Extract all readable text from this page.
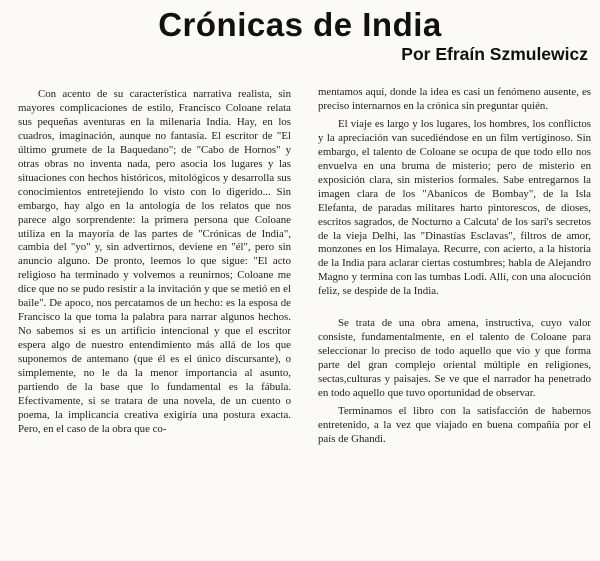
Crónicas de India
Por Efraín Szmulewicz

Con acento de su característica narrativa realista, sin mayores complicaciones de estilo, Francisco Coloane relata sus pequeñas aventuras en la milenaria India. Hay, en los cuadros, imaginación, aunque no fantasía. El escritor de "El último grumete de la Baquedano"; de "Cabo de Hornos" y otras obras no inventa nada, pero asocia los lugares y las situaciones con hechos históricos, mitológicos y desarrolla sus conocimientos entretejiendo lo visto con lo digerido... Sin embargo, hay algo en la antología de los relatos que nos parece algo sorprendente: la primera persona que Coloane utiliza en la mayoría de las partes de "Crónicas de India", cambia del "yo" y, sin advertirnos, deviene en "él", pero sin anuncio alguno. De pronto, leemos lo que sigue: "El acto religioso ha terminado y volvemos a reunirnos; Coloane me dice que no se pudo resistir a la invitación y que se metió en el baile". De apoco, nos percatamos de un hecho: es la esposa de Francisco la que toma la palabra para narrar algunos hechos. No sabemos si es un artificio intencional y que el escritor espera algo de nuestro entendimiento más allá de los que suponemos de antemano (que él es el único discursante), o simplemente, no le da la menor importancia al asunto, partiendo de la base que lo fundamental es la fábula. Efectivamente, si se tratara de una novela, de un cuento o poema, la implicancia creativa exigiría una postura exacta. Pero, en el caso de la obra que co-

mentamos aquí, donde la idea es casi un fenómeno ausente, es preciso internarnos en la crónica sin preguntar quién.

El viaje es largo y los lugares, los hombres, los conflictos y la apreciación van sucediéndose en un film vertiginoso. Sin embargo, el talento de Coloane se ocupa de que todo ello nos envuelva en una bruma de misterio; pero de misterio en exposición clara, sin misterios formales. Sabe entregarnos la imagen clara de los "Abanicos de Bombay", de la Isla Elefanta, de paradas militares harto pintorescos, de dioses, escritos sagrados, de Nocturno a Calcuta' de los sari's secretos de la vieja Delhi, las "Dinastías Esclavas", filtros de amor, monzones en los Himalaya. Recurre, con acierto, a la historia de la India para aclarar ciertas costumbres; habla de Alejandro Magno y termina con las tumbas Lodi. Allí, con una alocución feliz, se despide de la India.

Se trata de una obra amena, instructiva, cuyo valor consiste, fundamentalmente, en el talento de Coloane para seleccionar lo preciso de todo aquello que vio y que forma parte del gran complejo oriental múltiple en religiones, sectas,culturas y paisajes. Se ve que el narrador ha penetrado en todo aquello que tuvo oportunidad de observar.

Terminamos el libro con la satisfacción de habernos entretenido, a la vez que viajado en buena compañía por el país de Ghandi.
